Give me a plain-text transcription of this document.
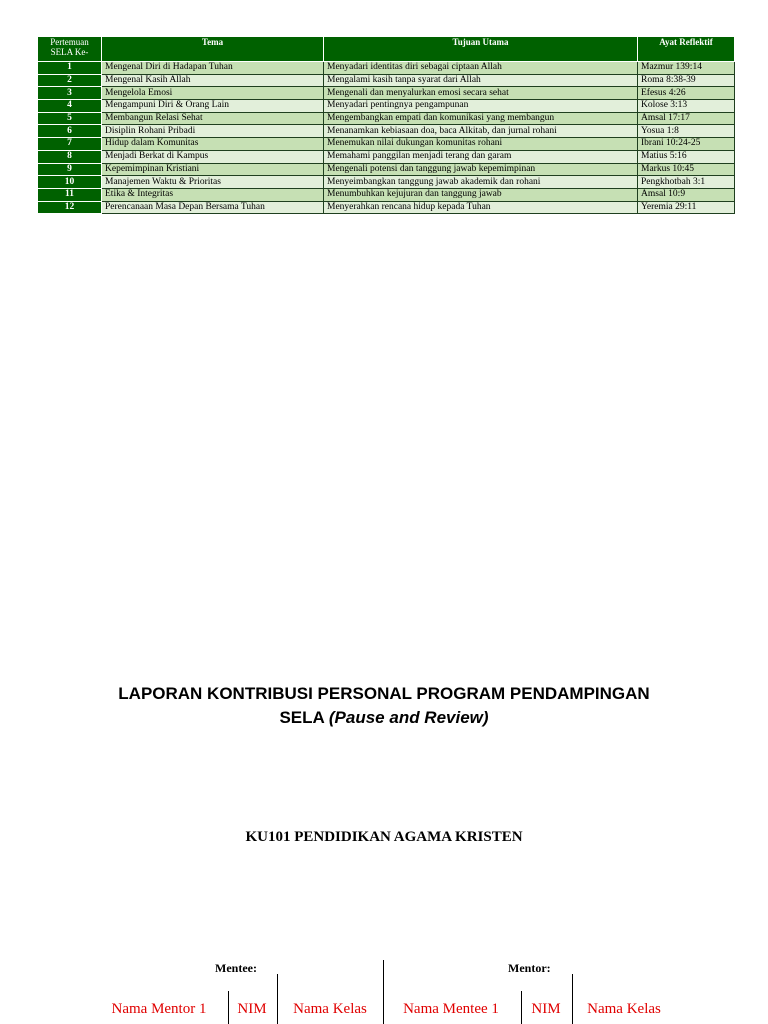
Pertemuan SELA Ke-	Tema	Tujuan Utama	Ayat Reflektif
1	Mengenal Diri di Hadapan Tuhan	Menyadari identitas diri sebagai ciptaan Allah	Mazmur 139:14
2	Mengenal Kasih Allah	Mengalami kasih tanpa syarat dari Allah	Roma 8:38-39
3	Mengelola Emosi	Mengenali dan menyalurkan emosi secara sehat	Efesus 4:26
4	Mengampuni Diri & Orang Lain	Menyadari pentingnya pengampunan	Kolose 3:13
5	Membangun Relasi Sehat	Mengembangkan empati dan komunikasi yang membangun	Amsal 17:17
6	Disiplin Rohani Pribadi	Menanamkan kebiasaan doa, baca Alkitab, dan jurnal rohani	Yosua 1:8
7	Hidup dalam Komunitas	Menemukan nilai dukungan komunitas rohani	Ibrani 10:24-25
8	Menjadi Berkat di Kampus	Memahami panggilan menjadi terang dan garam	Matius 5:16
9	Kepemimpinan Kristiani	Mengenali potensi dan tanggung jawab kepemimpinan	Markus 10:45
10	Manajemen Waktu & Prioritas	Menyeimbangkan tanggung jawab akademik dan rohani	Pengkhotbah 3:1
11	Etika & Integritas	Menumbuhkan kejujuran dan tanggung jawab	Amsal 10:9
12	Perencanaan Masa Depan Bersama Tuhan	Menyerahkan rencana hidup kepada Tuhan	Yeremia 29:11
LAPORAN KONTRIBUSI PERSONAL PROGRAM PENDAMPINGAN
SELA (Pause and Review)
KU101 PENDIDIKAN AGAMA KRISTEN
Mentee:	Mentor:
Nama Mentor 1	NIM	Nama Kelas	Nama Mentee 1	NIM	Nama Kelas
